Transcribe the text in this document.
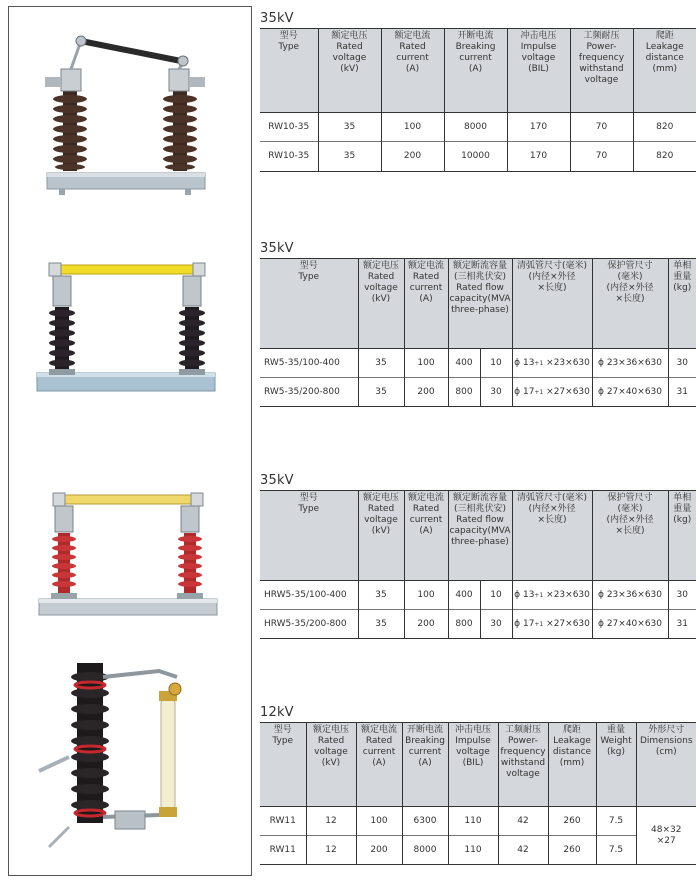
35kV

型号
Type	额定电压
Rated
voltage
(kV)	额定电流
Rated
current
(A)	开断电流
Breaking
current
(A)	冲击电压
Impulse
voltage
(BIL)	工频耐压
Power-
frequency
withstand
voltage	爬距
Leakage
distance
(mm)

RW10-35	35	100	8000	170	70	820
RW10-35	35	200	10000	170	70	820

35kV

型号
Type	额定电压
Rated
voltage
(kV)	额定电流
Rated
current
(A)	额定断流容量
(三相兆伏安)
Rated flow
capacity(MVA
three-phase)		清弧管尺寸(毫米)
(内径×外径
×长度)	保护管尺寸
(毫米)
(内径×外径
×长度)	单相
重量
(kg)

RW5-35/100-400	35	100	400	10	ϕ $13^{+1} \times 23\times 630$	ϕ 23×36×630	30
RW5-35/200-800	35	200	800	30	ϕ $17^{+1} \times 27\times 630$	ϕ 27×40×630	31

35kV

型号
Type	额定电压
Rated
voltage
(kV)	额定电流
Rated
current
(A)	额定断流容量
(三相兆伏安)
Rated flow
capacity(MVA
three-phase)		清弧管尺寸(毫米)
(内径×外径
×长度)	保护管尺寸
(毫米)
(内径×外径
×长度)	单相
重量
(kg)

HRW5-35/100-400	35	100	400	10	ϕ $13^{+1} \times 23\times 630$	ϕ 23×36×630	30
HRW5-35/200-800	35	200	800	30	ϕ $17^{+1} \times 27\times 630$	ϕ 27×40×630	31

12kV

型号
Type	额定电压
Rated
voltage
(kV)	额定电流
Rated
current
(A)	开断电流
Breaking
current
(A)	冲击电压
Impulse
voltage
(BIL)	工频耐压
Power-
frequency
withstand
voltage	爬距
Leakage
distance
(mm)	重量
Weight
(kg)	外形尺寸
Dimensions
(cm)

RW11	12	100	6300	110	42	260	7.5	48×32
×27

RW11	12	200	8000	110	42	260	7.5	
